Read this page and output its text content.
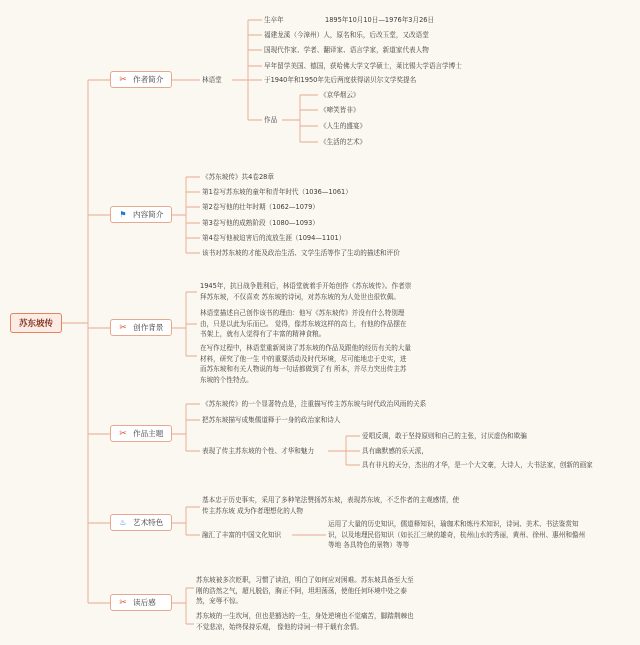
苏东坡传
✂ 作者简介
⚑ 内容简介
✂ 创作背景
✂ 作品主题
♨ 艺术特色
✂ 读后感
林语堂
生卒年	1895年10月10日—1976年3月26日
福建龙溪（今漳州）人，原名和乐，后改玉堂，又改语堂
国现代作家、学者、翻译家、语言学家，新道家代表人物
早年留学美国、德国，获哈佛大学文学硕士，莱比锡大学语言学博士
于1940年和1950年先后两度获得诺贝尔文学奖提名
作品
《京华烟云》
《啼笑皆非》
《人生的盛宴》
《生活的艺术》
《苏东坡传》共4卷28章
第1卷写苏东坡的童年和青年时代（1036—1061）
第2卷写他的壮年时期（1062—1079）
第3卷写他的成熟阶段（1080—1093）
第4卷写他被迫害后的流放生涯（1094—1101）
该书对苏东坡的才能及政治生活、文学生活等作了生动的描述和评价
1945年，抗日战争胜利后，林语堂就着手开始创作《苏东坡传》。作者崇拜苏东坡，不仅喜欢 苏东坡的诗词，对苏东坡的为人处世也很钦佩。
林语堂描述自己创作该书的理由：他写《苏东坡传》并没有什么特别理由，只是以此为乐而已。 觉得，像苏东坡这样的高士，有他的作品摆在书架上，就有人觉得有了丰富的精神食粮。
在写作过程中，林语堂重新阅读了苏东坡的作品及跟他的经历有关的大量材料，研究了他一生 中的重要活动及时代环境，尽可能地忠于史实，进而苏东坡和有关人物说的每一句话都做到了有 所本，并尽力突出传主苏东坡的个性特点。
《苏东坡传》的一个显著特点是，注重描写传主苏东坡与时代政治风雨的关系
把苏东坡描写成集儒道释于一身的政治家和诗人
表现了传主苏东坡的个性、才华和魅力
爱唱反调，敢于坚持原则和自己的主张，讨厌虚伪和欺骗
具有幽默感的乐天派，
具有非凡的天分，杰出的才华，是一个大文豪，大诗人，大书法家，创新的画家
基本忠于历史事实，采用了多种笔法赞扬苏东坡，表现苏东坡，不乏作者的主观感情，使传主苏东坡 成为作者理想化的人物
融汇了丰富的中国文化知识
运用了大量的历史知识，儒道释知识，瑜珈术和炼丹术知识，诗词、美术、书法鉴赏知识，以及地理民俗知识（如长江三峡的雄奇，杭州山水的秀丽，黄州、徐州、惠州和儋州等地 各具特色的景物）等等
苏东坡被多次贬职，习惯了读泊，明白了如何应对困难。苏东坡具备至大至刚的浩然之气，超凡脱俗，胸正不阿，坦坦荡荡，使他任何环境中处之泰然，宠辱不惊。
苏东坡的一生坎坷，但也是豁达的一生，身处逆境也不觉痛苦，脚踏荆棘也不觉悲凉，始终保持乐观， 像他的诗词一样干载有余情。
